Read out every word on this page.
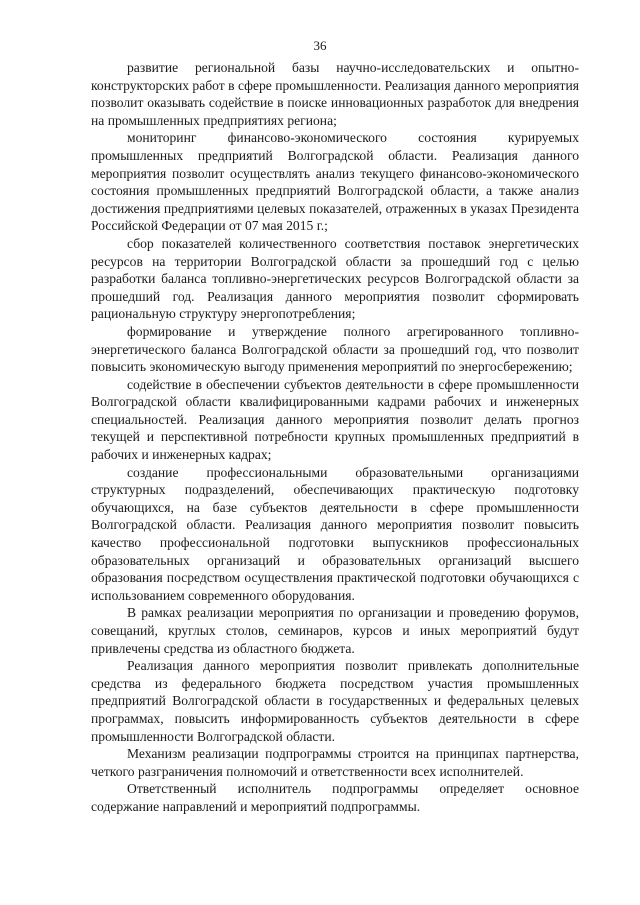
36

развитие региональной базы научно-исследовательских и опытно-конструкторских работ в сфере промышленности. Реализация данного мероприятия позволит оказывать содействие в поиске инновационных разработок для внедрения на промышленных предприятиях региона;

мониторинг финансово-экономического состояния курируемых промышленных предприятий Волгоградской области. Реализация данного мероприятия позволит осуществлять анализ текущего финансово-экономического состояния промышленных предприятий Волгоградской области, а также анализ достижения предприятиями целевых показателей, отраженных в указах Президента Российской Федерации от 07 мая 2015 г.;

сбор показателей количественного соответствия поставок энергетических ресурсов на территории Волгоградской области за прошедший год с целью разработки баланса топливно-энергетических ресурсов Волгоградской области за прошедший год. Реализация данного мероприятия позволит сформировать рациональную структуру энергопотребления;

формирование и утверждение полного агрегированного топливно-энергетического баланса Волгоградской области за прошедший год, что позволит повысить экономическую выгоду применения мероприятий по энергосбережению;

содействие в обеспечении субъектов деятельности в сфере промышленности Волгоградской области квалифицированными кадрами рабочих и инженерных специальностей. Реализация данного мероприятия позволит делать прогноз текущей и перспективной потребности крупных промышленных предприятий в рабочих и инженерных кадрах;

создание профессиональными образовательными организациями структурных подразделений, обеспечивающих практическую подготовку обучающихся, на базе субъектов деятельности в сфере промышленности Волгоградской области. Реализация данного мероприятия позволит повысить качество профессиональной подготовки выпускников профессиональных образовательных организаций и образовательных организаций высшего образования посредством осуществления практической подготовки обучающихся с использованием современного оборудования.

В рамках реализации мероприятия по организации и проведению форумов, совещаний, круглых столов, семинаров, курсов и иных мероприятий будут привлечены средства из областного бюджета.

Реализация данного мероприятия позволит привлекать дополнительные средства из федерального бюджета посредством участия промышленных предприятий Волгоградской области в государственных и федеральных целевых программах, повысить информированность субъектов деятельности в сфере промышленности Волгоградской области.

Механизм реализации подпрограммы строится на принципах партнерства, четкого разграничения полномочий и ответственности всех исполнителей.

Ответственный исполнитель подпрограммы определяет основное содержание направлений и мероприятий подпрограммы.
